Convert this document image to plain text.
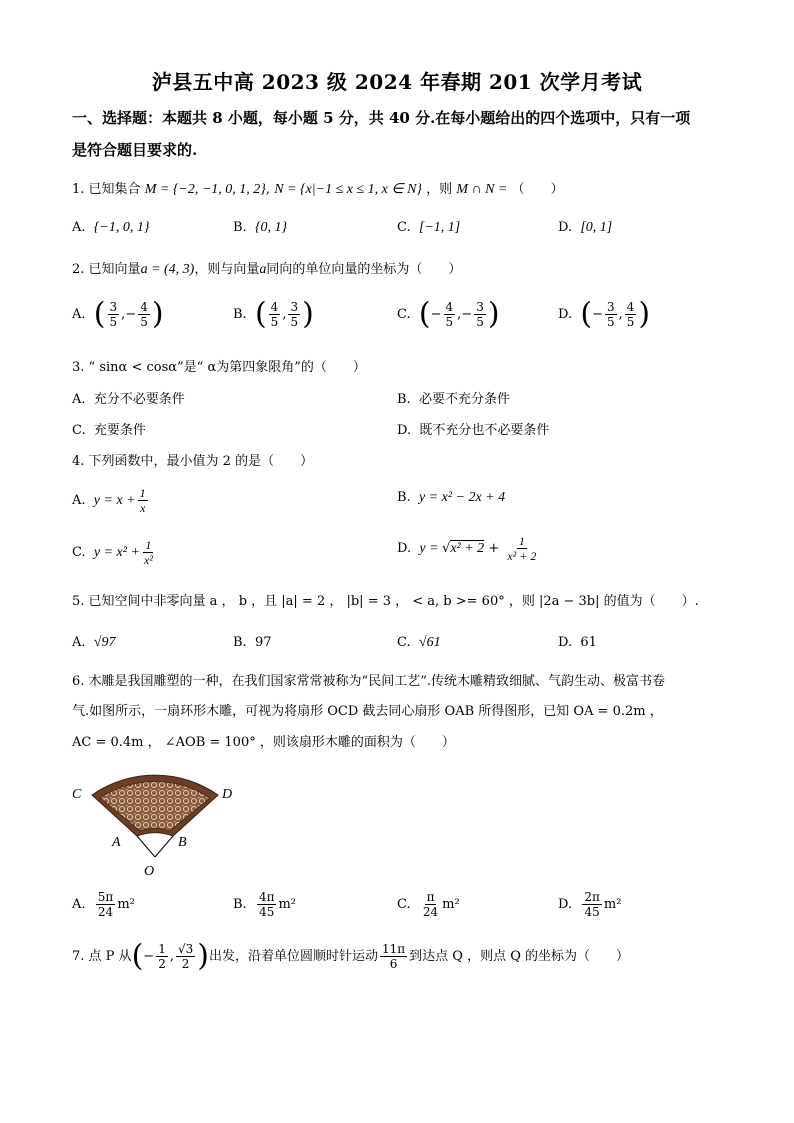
泸县五中高 2023 级 2024 年春期 201 次学月考试
一、选择题：本题共 8 小题，每小题 5 分，共 40 分.在每小题给出的四个选项中，只有一项
是符合题目要求的.
1. 已知集合 M = {−2, −1, 0, 1, 2}, N = {x|−1 ≤ x ≤ 1, x ∈ N} ，则 M ∩ N = （　　）
A. {−1, 0, 1}	B. {0, 1}	C. [−1, 1]	D. [0, 1]
2. 已知向量a = (4, 3)，则与向量a同向的单位向量的坐标为（　　）
A. ( $\frac{3}{5}$ ,− $\frac{4}{5}$ )	B. ( $\frac{4}{5}$ , $\frac{3}{5}$ )	C. (− $\frac{4}{5}$ ,− $\frac{3}{5}$ )	D. (− $\frac{3}{5}$ , $\frac{4}{5}$ )
3. “ sinα < cosα”是“ α为第四象限角”的（　　）
A. 充分不必要条件	B. 必要不充分条件
C. 充要条件	D. 既不充分也不必要条件
4. 下列函数中，最小值为 2 的是（　　）
A. $y = x + \frac{1}{x}$	B. y = x² − 2x + 4
C. $y = x^2 + \frac{1}{\text{x²}}$	D. $y = √x^2 + 2 + \frac{1}{\text{x² + 2}}$
5. 已知空间中非零向量 a ， b ，且 |a| = 2 ， |b| = 3 ， < a, b >= 60° ，则 |2a − 3b| 的值为（　　）.
A. √97	B. 97	C. √61	D. 61
6. 木雕是我国雕塑的一种，在我们国家常常被称为“民间工艺”.传统木雕精致细腻、气韵生动、极富书卷
气.如图所示，一扇环形木雕，可视为将扇形 OCD 截去同心扇形 OAB 所得图形，已知 OA = 0.2m ，
AC = 0.4m ， ∠AOB = 100° ，则该扇形木雕的面积为（　　）
C	D
A	B
O
A. $\frac{5\pi}{24} m^2$	B. $\frac{4\pi}{45} m^2$	C. $\frac{\pi}{24} m^2$	D. $\frac{2\pi}{45} m^2$
7. 点 P 从(− $\frac{1}{2}$ , $\frac{√3}{2}$ )出发，沿着单位圆顺时针运动 $\frac{11\pi}{6}$ 到达点 Q ，则点 Q 的坐标为（　　）
